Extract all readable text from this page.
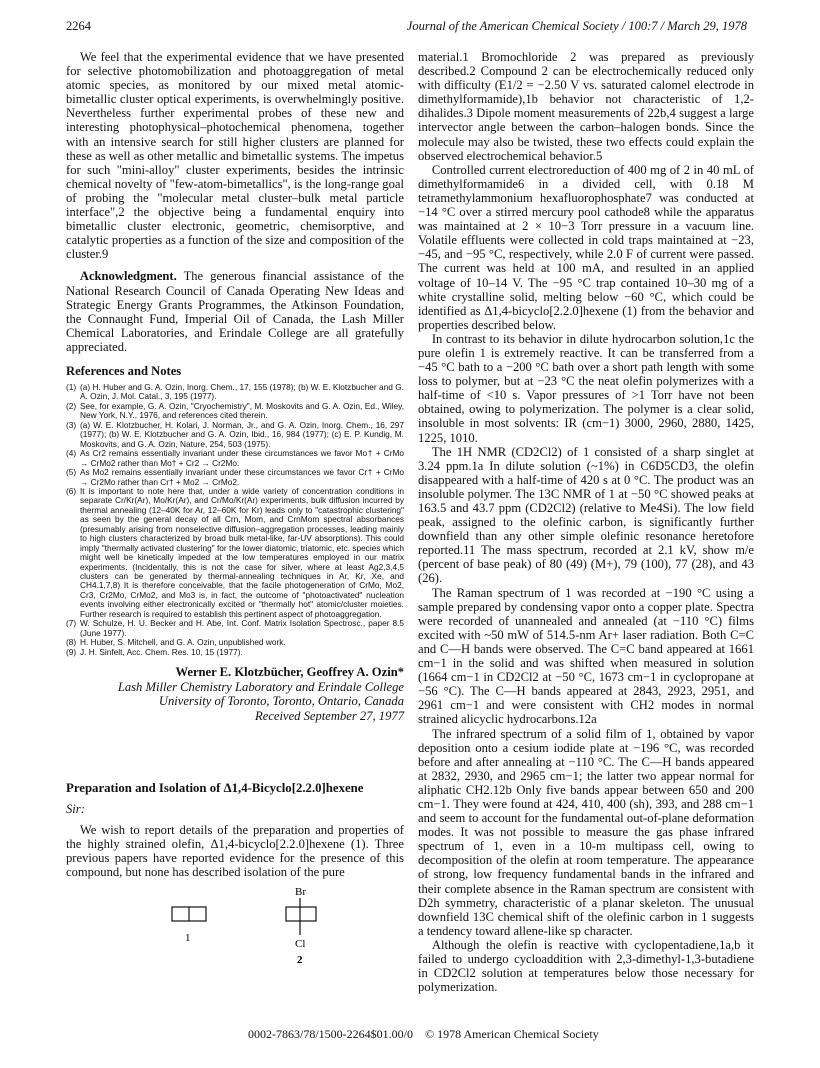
2264	Journal of the American Chemical Society / 100:7 / March 29, 1978

We feel that the experimental evidence that we have presented for selective photomobilization and photoaggregation of metal atomic species, as monitored by our mixed metal atomic-bimetallic cluster optical experiments, is overwhelmingly positive. Nevertheless further experimental probes of these new and interesting photophysical–photochemical phenomena, together with an intensive search for still higher clusters are planned for these as well as other metallic and bimetallic systems. The impetus for such "mini-alloy" cluster experiments, besides the intrinsic chemical novelty of "few-atom-bimetallics", is the long-range goal of probing the "molecular metal cluster–bulk metal particle interface",2 the objective being a fundamental enquiry into bimetallic cluster electronic, geometric, chemisorptive, and catalytic properties as a function of the size and composition of the cluster.9

Acknowledgment. The generous financial assistance of the National Research Council of Canada Operating New Ideas and Strategic Energy Grants Programmes, the Atkinson Foundation, the Connaught Fund, Imperial Oil of Canada, the Lash Miller Chemical Laboratories, and Erindale College are all gratefully appreciated.

References and Notes
(1) (a) H. Huber and G. A. Ozin, Inorg. Chem., 17, 155 (1978); (b) W. E. Klotzbucher and G. A. Ozin, J. Mol. Catal., 3, 195 (1977).
(2) See, for example, G. A. Ozin, "Cryochemistry", M. Moskovits and G. A. Ozin, Ed., Wiley, New York, N.Y., 1976, and references cited therein.
(3) (a) W. E. Klotzbucher, H. Kolari, J. Norman, Jr., and G. A. Ozin, Inorg. Chem., 16, 297 (1977); (b) W. E. Klotzbucher and G. A. Ozin, Ibid., 16, 984 (1977); (c) E. P. Kundig, M. Moskovits, and G. A. Ozin, Nature, 254, 503 (1975).
(4) As Cr2 remains essentially invariant under these circumstances we favor Mo† + CrMo → CrMo2 rather than Mo† + Cr2 → Cr2Mo.
(5) As Mo2 remains essentially invariant under these circumstances we favor Cr† + CrMo → Cr2Mo rather than Cr† + Mo2 → CrMo2.
(6) It is important to note here that, under a wide variety of concentration conditions in separate Cr/Kr(Ar), Mo/Kr(Ar), and Cr/Mo/Kr(Ar) experiments, bulk diffusion incurred by thermal annealing (12–40K for Ar, 12–60K for Kr) leads only to "catastrophic clustering" as seen by the general decay of all Crn, Mom, and CrnMom spectral absorbances (presumably arising from nonselective diffusion–aggregation processes, leading mainly to high clusters characterized by broad bulk metal-like, far-UV absorptions). This could imply "thermally activated clustering" for the lower diatomic, triatomic, etc. species which might well be kinetically impeded at the low temperatures employed in our matrix experiments. (Incidentally, this is not the case for silver, where at least Ag2,3,4,5 clusters can be generated by thermal-annealing techniques in Ar, Kr, Xe, and CH4.1,7,8) It is therefore conceivable, that the facile photogeneration of CrMo, Mo2, Cr3, Cr2Mo, CrMo2, and Mo3 is, in fact, the outcome of "photoactivated" nucleation events involving either electronically excited or "thermally hot" atomic/cluster moieties. Further research is required to establish this pertinent aspect of photoaggregation.
(7) W. Schulze, H. U. Becker and H. Abe, Int. Conf. Matrix Isolation Spectrosc., paper 8.5 (June 1977).
(8) H. Huber, S. Mitchell, and G. A. Ozin, unpublished work.
(9) J. H. Sinfelt, Acc. Chem. Res. 10, 15 (1977).
Werner E. Klotzbücher, Geoffrey A. Ozin*
Lash Miller Chemistry Laboratory and Erindale College
University of Toronto, Toronto, Ontario, Canada
Received September 27, 1977
Preparation and Isolation of Δ1,4-Bicyclo[2.2.0]hexene
Sir:

We wish to report details of the preparation and properties of the highly strained olefin, Δ1,4-bicyclo[2.2.0]hexene (1). Three previous papers have reported evidence for the presence of this compound, but none has described isolation of the pure

1
Br
Cl
2

material.1 Bromochloride 2 was prepared as previously described.2 Compound 2 can be electrochemically reduced only with difficulty (E1/2 = −2.50 V vs. saturated calomel electrode in dimethylformamide),1b behavior not characteristic of 1,2-dihalides.3 Dipole moment measurements of 22b,4 suggest a large intervector angle between the carbon–halogen bonds. Since the molecule may also be twisted, these two effects could explain the observed electrochemical behavior.5

Controlled current electroreduction of 400 mg of 2 in 40 mL of dimethylformamide6 in a divided cell, with 0.18 M tetramethylammonium hexafluorophosphate7 was conducted at −14 °C over a stirred mercury pool cathode8 while the apparatus was maintained at 2 × 10−3 Torr pressure in a vacuum line. Volatile effluents were collected in cold traps maintained at −23, −45, and −95 °C, respectively, while 2.0 F of current were passed. The current was held at 100 mA, and resulted in an applied voltage of 10–14 V. The −95 °C trap contained 10–30 mg of a white crystalline solid, melting below −60 °C, which could be identified as Δ1,4-bicyclo[2.2.0]hexene (1) from the behavior and properties described below.

In contrast to its behavior in dilute hydrocarbon solution,1c the pure olefin 1 is extremely reactive. It can be transferred from a −45 °C bath to a −200 °C bath over a short path length with some loss to polymer, but at −23 °C the neat olefin polymerizes with a half-time of <10 s. Vapor pressures of >1 Torr have not been obtained, owing to polymerization. The polymer is a clear solid, insoluble in most solvents: IR (cm−1) 3000, 2960, 2880, 1425, 1225, 1010.

The 1H NMR (CD2Cl2) of 1 consisted of a sharp singlet at 3.24 ppm.1a In dilute solution (~1%) in C6D5CD3, the olefin disappeared with a half-time of 420 s at 0 °C. The product was an insoluble polymer. The 13C NMR of 1 at −50 °C showed peaks at 163.5 and 43.7 ppm (CD2Cl2) (relative to Me4Si). The low field peak, assigned to the olefinic carbon, is significantly further downfield than any other simple olefinic resonance heretofore reported.11 The mass spectrum, recorded at 2.1 kV, show m/e (percent of base peak) of 80 (49) (M+), 79 (100), 77 (28), and 43 (26).

The Raman spectrum of 1 was recorded at −190 °C using a sample prepared by condensing vapor onto a copper plate. Spectra were recorded of unannealed and annealed (at −110 °C) films excited with ~50 mW of 514.5-nm Ar+ laser radiation. Both C=C and C—H bands were observed. The C=C band appeared at 1661 cm−1 in the solid and was shifted when measured in solution (1664 cm−1 in CD2Cl2 at −50 °C, 1673 cm−1 in cyclopropane at −56 °C). The C—H bands appeared at 2843, 2923, 2951, and 2961 cm−1 and were consistent with CH2 modes in normal strained alicyclic hydrocarbons.12a

The infrared spectrum of a solid film of 1, obtained by vapor deposition onto a cesium iodide plate at −196 °C, was recorded before and after annealing at −110 °C. The C—H bands appeared at 2832, 2930, and 2965 cm−1; the latter two appear normal for aliphatic CH2.12b Only five bands appear between 650 and 200 cm−1. They were found at 424, 410, 400 (sh), 393, and 288 cm−1 and seem to account for the fundamental out-of-plane deformation modes. It was not possible to measure the gas phase infrared spectrum of 1, even in a 10-m multipass cell, owing to decomposition of the olefin at room temperature. The appearance of strong, low frequency fundamental bands in the infrared and their complete absence in the Raman spectrum are consistent with D2h symmetry, characteristic of a planar skeleton. The unusual downfield 13C chemical shift of the olefinic carbon in 1 suggests a tendency toward allene-like sp character.

Although the olefin is reactive with cyclopentadiene,1a,b it failed to undergo cycloaddition with 2,3-dimethyl-1,3-butadiene in CD2Cl2 solution at temperatures below those necessary for polymerization.

0002-7863/78/1500-2264$01.00/0 © 1978 American Chemical Society
